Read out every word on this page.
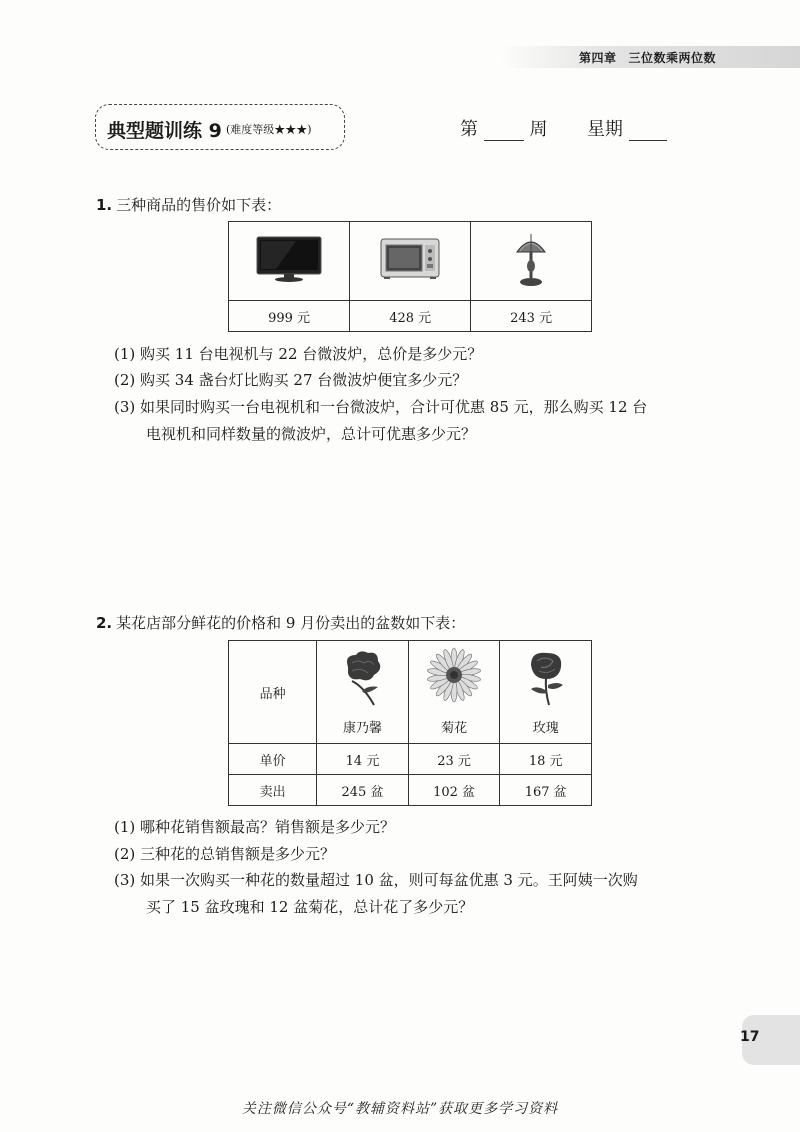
第四章 三位数乘两位数
典型题训练 9 (难度等级★★★)	第	周 星期
1. 三种商品的售价如下表：

999 元	428 元	243 元
(1) 购买 11 台电视机与 22 台微波炉，总价是多少元？
(2) 购买 34 盏台灯比购买 27 台微波炉便宜多少元？
(3) 如果同时购买一台电视机和一台微波炉，合计可优惠 85 元，那么购买 12 台
电视机和同样数量的微波炉，总计可优惠多少元？
2. 某花店部分鲜花的价格和 9 月份卖出的盆数如下表：
品种	康乃馨	菊花	玫瑰

单价	14 元	23 元	18 元
卖出	245 盆	102 盆	167 盆
(1) 哪种花销售额最高？销售额是多少元？
(2) 三种花的总销售额是多少元？
(3) 如果一次购买一种花的数量超过 10 盆，则可每盆优惠 3 元。王阿姨一次购
买了 15 盆玫瑰和 12 盆菊花，总计花了多少元？
17
关注微信公众号“教辅资料站”获取更多学习资料
